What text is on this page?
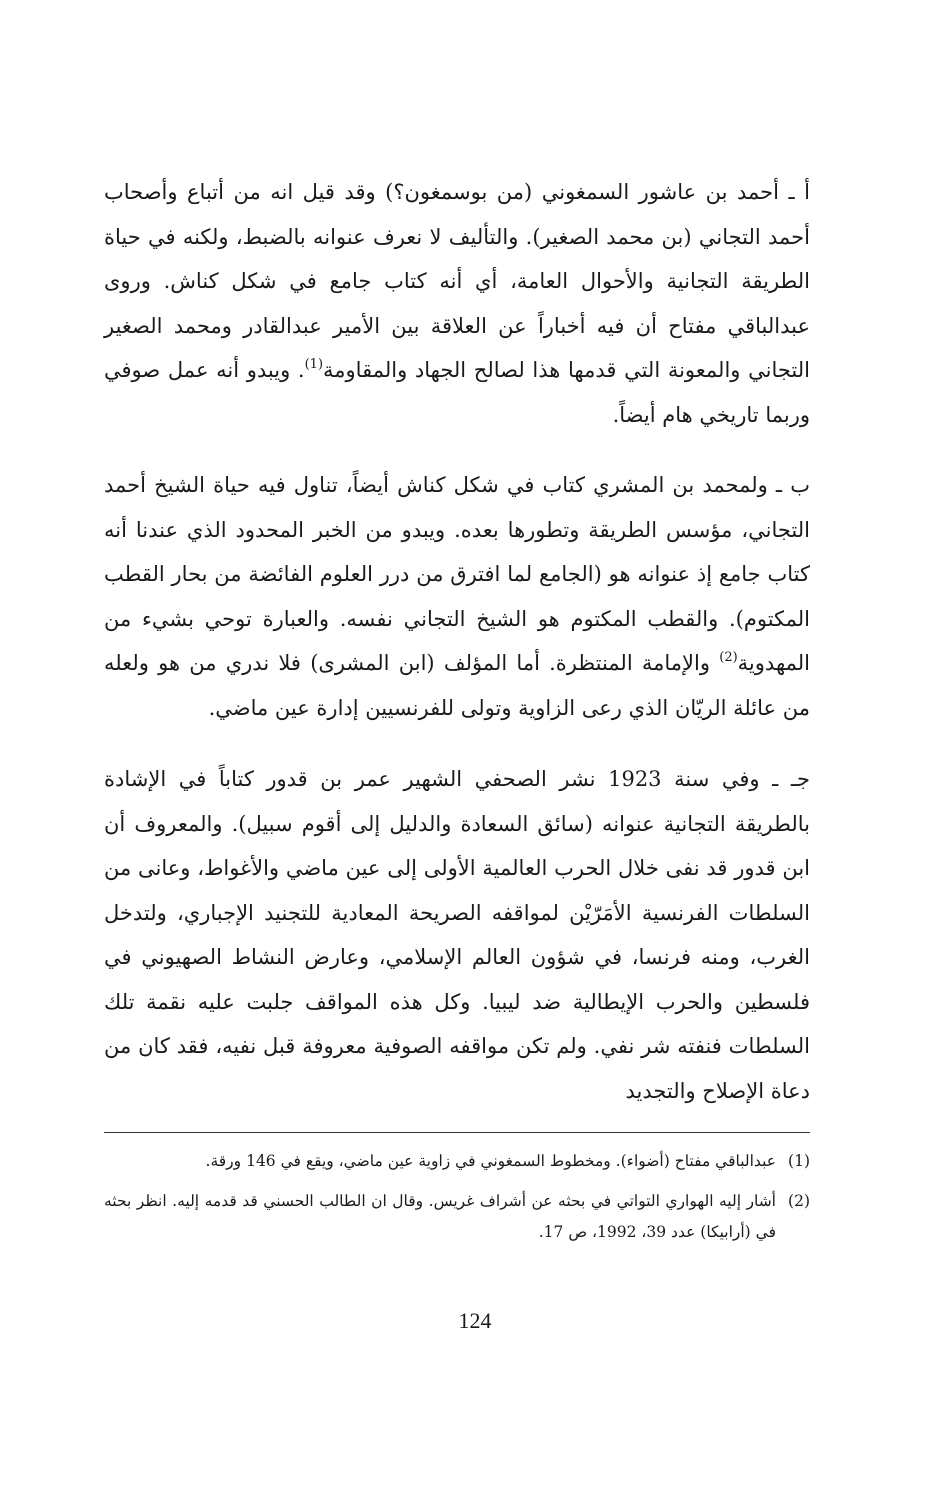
أ ـ أحمد بن عاشور السمغوني (من بوسمغون؟) وقد قيل انه من أتباع وأصحاب أحمد التجاني (بن محمد الصغير). والتأليف لا نعرف عنوانه بالضبط، ولكنه في حياة الطريقة التجانية والأحوال العامة، أي أنه كتاب جامع في شكل كناش. وروى عبدالباقي مفتاح أن فيه أخباراً عن العلاقة بين الأمير عبدالقادر ومحمد الصغير التجاني والمعونة التي قدمها هذا لصالح الجهاد والمقاومة$^{(1)}$. ويبدو أنه عمل صوفي وربما تاريخي هام أيضاً.

ب ـ ولمحمد بن المشري كتاب في شكل كناش أيضاً، تناول فيه حياة الشيخ أحمد التجاني، مؤسس الطريقة وتطورها بعده. ويبدو من الخبر المحدود الذي عندنا أنه كتاب جامع إذ عنوانه هو (الجامع لما افترق من درر العلوم الفائضة من بحار القطب المكتوم). والقطب المكتوم هو الشيخ التجاني نفسه. والعبارة توحي بشيء من المهدوية$^{(2)}$ والإمامة المنتظرة. أما المؤلف (ابن المشرى) فلا ندري من هو ولعله من عائلة الريّان الذي رعى الزاوية وتولى للفرنسيين إدارة عين ماضي.

جـ ـ وفي سنة 1923 نشر الصحفي الشهير عمر بن قدور كتاباً في الإشادة بالطريقة التجانية عنوانه (سائق السعادة والدليل إلى أقوم سبيل). والمعروف أن ابن قدور قد نفى خلال الحرب العالمية الأولى إلى عين ماضي والأغواط، وعانى من السلطات الفرنسية الأمَرّيْن لمواقفه الصريحة المعادية للتجنيد الإجباري، ولتدخل الغرب، ومنه فرنسا، في شؤون العالم الإسلامي، وعارض النشاط الصهيوني في فلسطين والحرب الإيطالية ضد ليبيا. وكل هذه المواقف جلبت عليه نقمة تلك السلطات فنفته شر نفي. ولم تكن مواقفه الصوفية معروفة قبل نفيه، فقد كان من دعاة الإصلاح والتجديد

(1)
عبدالباقي مفتاح (أضواء). ومخطوط السمغوني في زاوية عين ماضي، ويقع في 146 ورقة.
(2)
أشار إليه الهواري التواتي في بحثه عن أشراف غريس. وقال ان الطالب الحسني قد قدمه إليه. انظر بحثه في (أرابيكا) عدد 39، 1992، ص 17.
124
